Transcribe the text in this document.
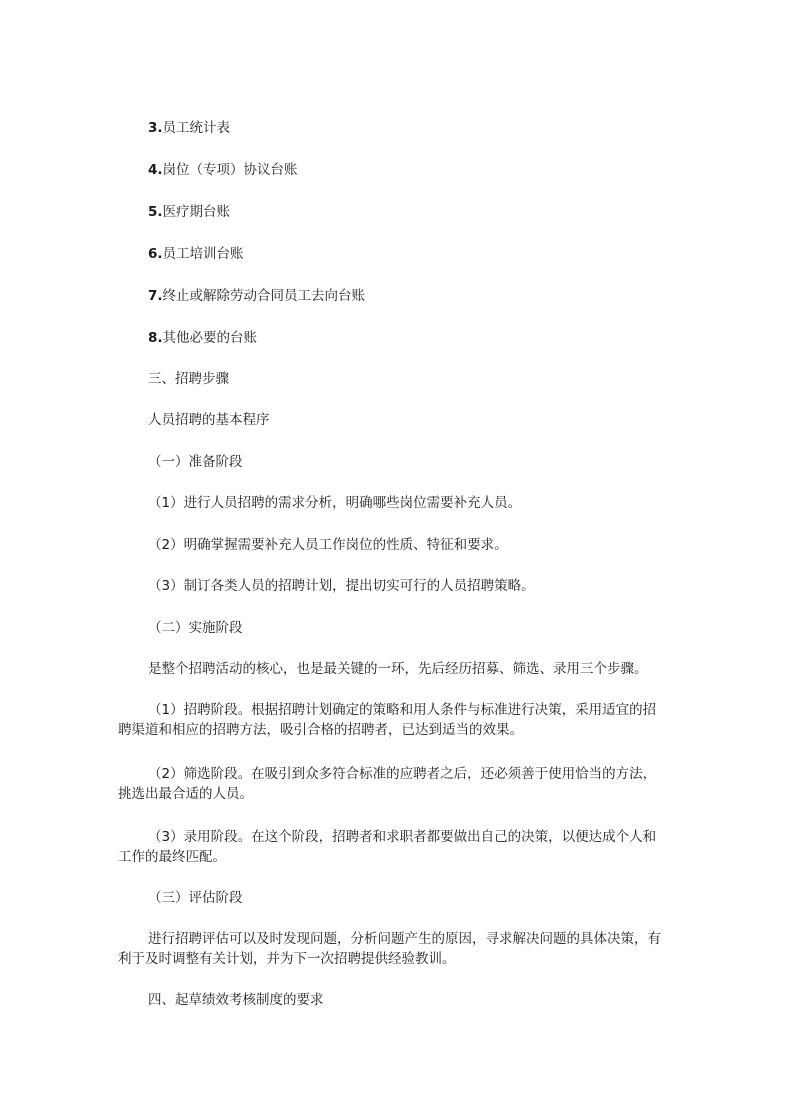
3.员工统计表
4.岗位（专项）协议台账
5.医疗期台账
6.员工培训台账
7.终止或解除劳动合同员工去向台账
8.其他必要的台账
三、招聘步骤
人员招聘的基本程序
（一）准备阶段
（1）进行人员招聘的需求分析，明确哪些岗位需要补充人员。
（2）明确掌握需要补充人员工作岗位的性质、特征和要求。
（3）制订各类人员的招聘计划，提出切实可行的人员招聘策略。
（二）实施阶段
是整个招聘活动的核心，也是最关键的一环，先后经历招募、筛选、录用三个步骤。
（1）招聘阶段。根据招聘计划确定的策略和用人条件与标准进行决策，采用适宜的招聘渠道和相应的招聘方法，吸引合格的招聘者，已达到适当的效果。
（2）筛选阶段。在吸引到众多符合标准的应聘者之后，还必须善于使用恰当的方法，挑选出最合适的人员。
（3）录用阶段。在这个阶段，招聘者和求职者都要做出自己的决策，以便达成个人和工作的最终匹配。
（三）评估阶段
进行招聘评估可以及时发现问题，分析问题产生的原因，寻求解决问题的具体决策，有利于及时调整有关计划，并为下一次招聘提供经验教训。
四、起草绩效考核制度的要求
